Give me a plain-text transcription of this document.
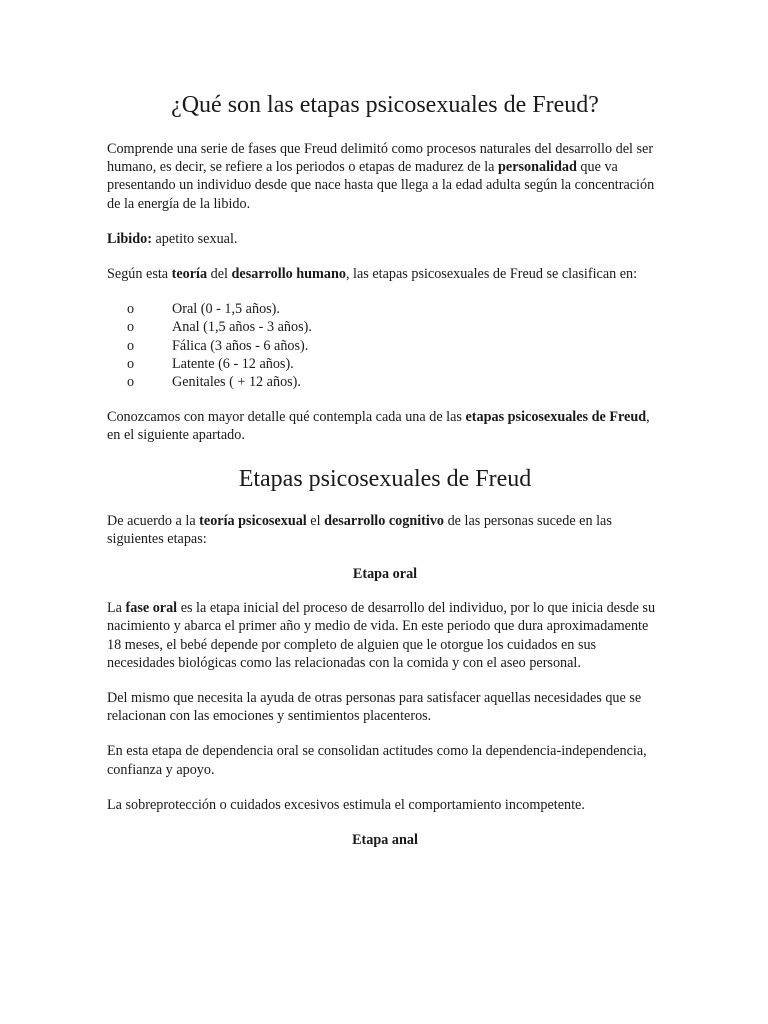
¿Qué son las etapas psicosexuales de Freud?

Comprende una serie de fases que Freud delimitó como procesos naturales del desarrollo del ser humano, es decir, se refiere a los periodos o etapas de madurez de la personalidad que va presentando un individuo desde que nace hasta que llega a la edad adulta según la concentración de la energía de la libido.

Libido: apetito sexual.

Según esta teoría del desarrollo humano, las etapas psicosexuales de Freud se clasifican en:

o	Oral (0 - 1,5 años).
o	Anal (1,5 años - 3 años).
o	Fálica (3 años - 6 años).
o	Latente (6 - 12 años).
o	Genitales ( + 12 años).

Conozcamos con mayor detalle qué contempla cada una de las etapas psicosexuales de Freud, en el siguiente apartado.

Etapas psicosexuales de Freud

De acuerdo a la teoría psicosexual el desarrollo cognitivo de las personas sucede en las siguientes etapas:

Etapa oral

La fase oral es la etapa inicial del proceso de desarrollo del individuo, por lo que inicia desde su nacimiento y abarca el primer año y medio de vida. En este periodo que dura aproximadamente 18 meses, el bebé depende por completo de alguien que le otorgue los cuidados en sus necesidades biológicas como las relacionadas con la comida y con el aseo personal.

Del mismo que necesita la ayuda de otras personas para satisfacer aquellas necesidades que se relacionan con las emociones y sentimientos placenteros.

En esta etapa de dependencia oral se consolidan actitudes como la dependencia-independencia, confianza y apoyo.

La sobreprotección o cuidados excesivos estimula el comportamiento incompetente.

Etapa anal
